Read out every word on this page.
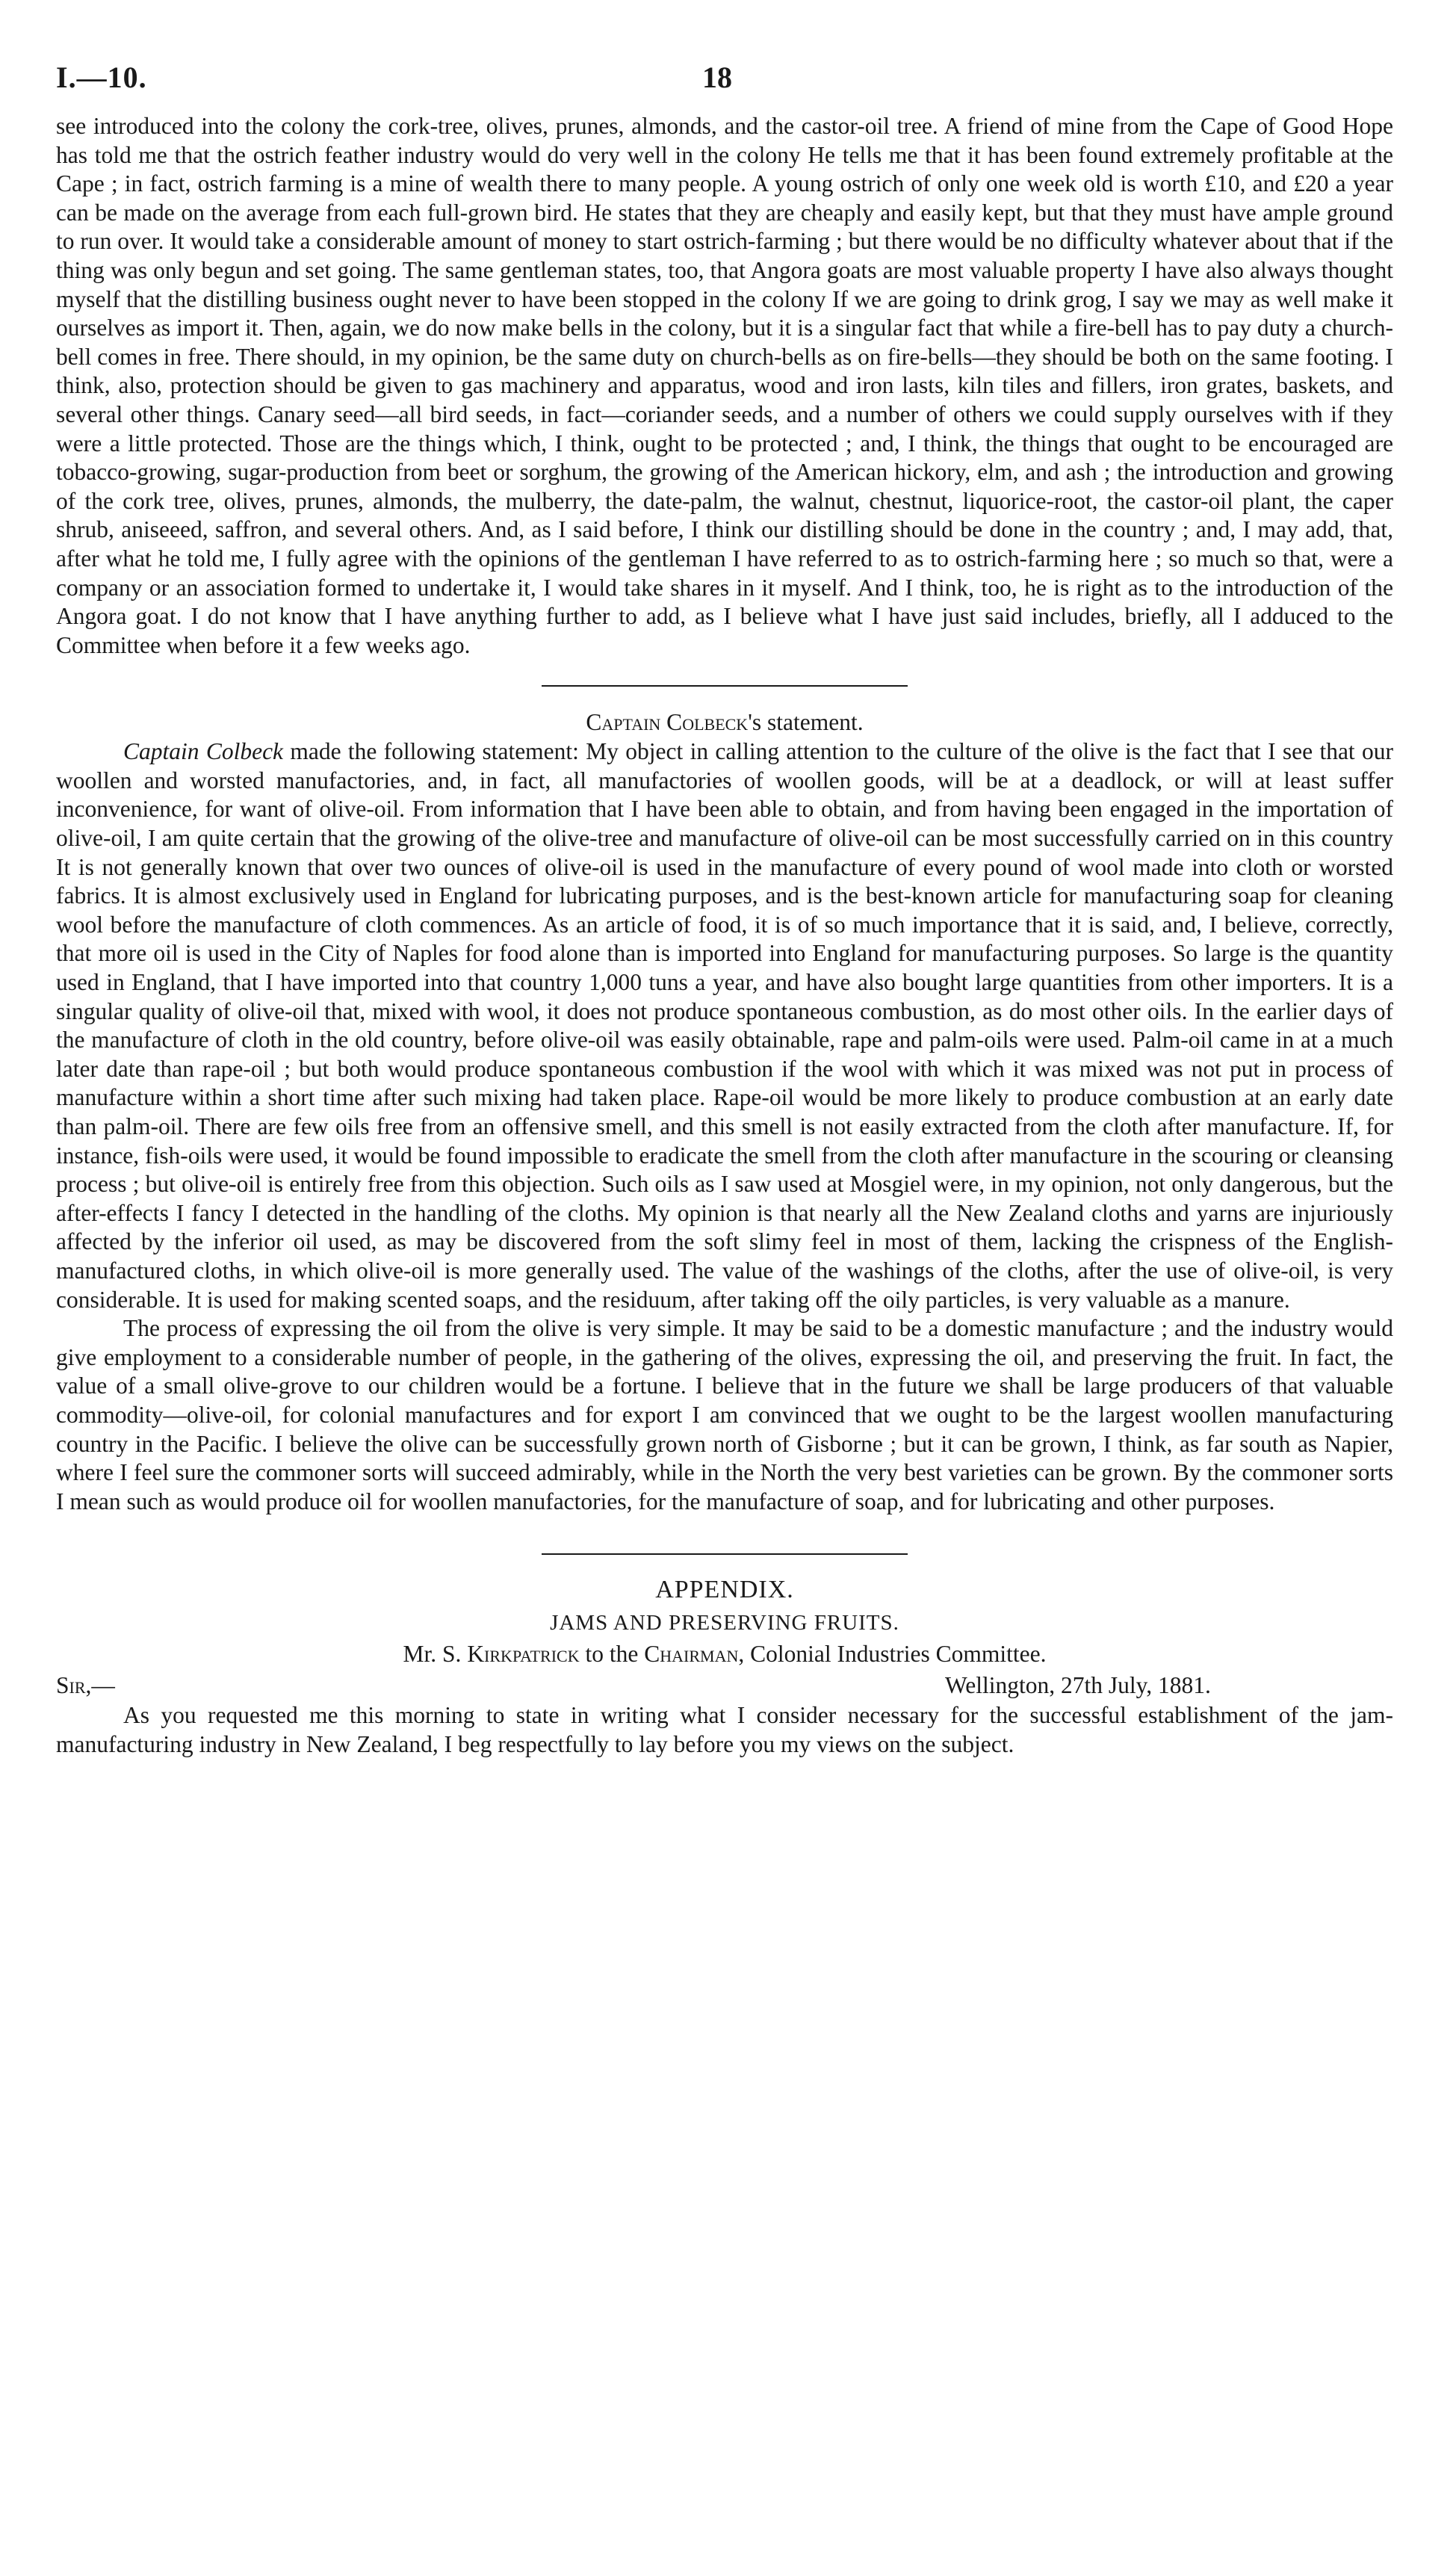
I.—10.	18

see introduced into the colony the cork-tree, olives, prunes, almonds, and the castor-oil tree. A friend of mine from the Cape of Good Hope has told me that the ostrich feather industry would do very well in the colony He tells me that it has been found extremely profitable at the Cape ; in fact, ostrich farming is a mine of wealth there to many people. A young ostrich of only one week old is worth £10, and £20 a year can be made on the average from each full-grown bird. He states that they are cheaply and easily kept, but that they must have ample ground to run over. It would take a considerable amount of money to start ostrich-farming ; but there would be no difficulty whatever about that if the thing was only begun and set going. The same gentleman states, too, that Angora goats are most valuable property I have also always thought myself that the distilling business ought never to have been stopped in the colony If we are going to drink grog, I say we may as well make it ourselves as import it. Then, again, we do now make bells in the colony, but it is a singular fact that while a fire-bell has to pay duty a church-bell comes in free. There should, in my opinion, be the same duty on church-bells as on fire-bells—they should be both on the same footing. I think, also, protection should be given to gas machinery and apparatus, wood and iron lasts, kiln tiles and fillers, iron grates, baskets, and several other things. Canary seed—all bird seeds, in fact—coriander seeds, and a number of others we could supply ourselves with if they were a little protected. Those are the things which, I think, ought to be protected ; and, I think, the things that ought to be encouraged are tobacco-growing, sugar-production from beet or sorghum, the growing of the American hickory, elm, and ash ; the introduction and growing of the cork tree, olives, prunes, almonds, the mulberry, the date-palm, the walnut, chestnut, liquorice-root, the castor-oil plant, the caper shrub, aniseeed, saffron, and several others. And, as I said before, I think our distilling should be done in the country ; and, I may add, that, after what he told me, I fully agree with the opinions of the gentleman I have referred to as to ostrich-farming here ; so much so that, were a company or an association formed to undertake it, I would take shares in it myself. And I think, too, he is right as to the introduction of the Angora goat. I do not know that I have anything further to add, as I believe what I have just said includes, briefly, all I adduced to the Committee when before it a few weeks ago.

Captain Colbeck's statement.

Captain Colbeck made the following statement: My object in calling attention to the culture of the olive is the fact that I see that our woollen and worsted manufactories, and, in fact, all manufactories of woollen goods, will be at a deadlock, or will at least suffer inconvenience, for want of olive-oil. From information that I have been able to obtain, and from having been engaged in the importation of olive-oil, I am quite certain that the growing of the olive-tree and manufacture of olive-oil can be most successfully carried on in this country It is not generally known that over two ounces of olive-oil is used in the manufacture of every pound of wool made into cloth or worsted fabrics. It is almost exclusively used in England for lubricating purposes, and is the best-known article for manufacturing soap for cleaning wool before the manufacture of cloth commences. As an article of food, it is of so much importance that it is said, and, I believe, correctly, that more oil is used in the City of Naples for food alone than is imported into England for manufacturing purposes. So large is the quantity used in England, that I have imported into that country 1,000 tuns a year, and have also bought large quantities from other importers. It is a singular quality of olive-oil that, mixed with wool, it does not produce spontaneous combustion, as do most other oils. In the earlier days of the manufacture of cloth in the old country, before olive-oil was easily obtainable, rape and palm-oils were used. Palm-oil came in at a much later date than rape-oil ; but both would produce spontaneous combustion if the wool with which it was mixed was not put in process of manufacture within a short time after such mixing had taken place. Rape-oil would be more likely to produce combustion at an early date than palm-oil. There are few oils free from an offensive smell, and this smell is not easily extracted from the cloth after manufacture. If, for instance, fish-oils were used, it would be found impossible to eradicate the smell from the cloth after manufacture in the scouring or cleansing process ; but olive-oil is entirely free from this objection. Such oils as I saw used at Mosgiel were, in my opinion, not only dangerous, but the after-effects I fancy I detected in the handling of the cloths. My opinion is that nearly all the New Zealand cloths and yarns are injuriously affected by the inferior oil used, as may be discovered from the soft slimy feel in most of them, lacking the crispness of the English-manufactured cloths, in which olive-oil is more generally used. The value of the washings of the cloths, after the use of olive-oil, is very considerable. It is used for making scented soaps, and the residuum, after taking off the oily particles, is very valuable as a manure.

The process of expressing the oil from the olive is very simple. It may be said to be a domestic manufacture ; and the industry would give employment to a considerable number of people, in the gathering of the olives, expressing the oil, and preserving the fruit. In fact, the value of a small olive-grove to our children would be a fortune. I believe that in the future we shall be large producers of that valuable commodity—olive-oil, for colonial manufactures and for export I am convinced that we ought to be the largest woollen manufacturing country in the Pacific. I believe the olive can be successfully grown north of Gisborne ; but it can be grown, I think, as far south as Napier, where I feel sure the commoner sorts will succeed admirably, while in the North the very best varieties can be grown. By the commoner sorts I mean such as would produce oil for woollen manufactories, for the manufacture of soap, and for lubricating and other purposes.

APPENDIX.
JAMS AND PRESERVING FRUITS.
Mr. S. Kirkpatrick to the Chairman, Colonial Industries Committee.
Sir,—	Wellington, 27th July, 1881.

As you requested me this morning to state in writing what I consider necessary for the successful establishment of the jam-manufacturing industry in New Zealand, I beg respectfully to lay before you my views on the subject.
